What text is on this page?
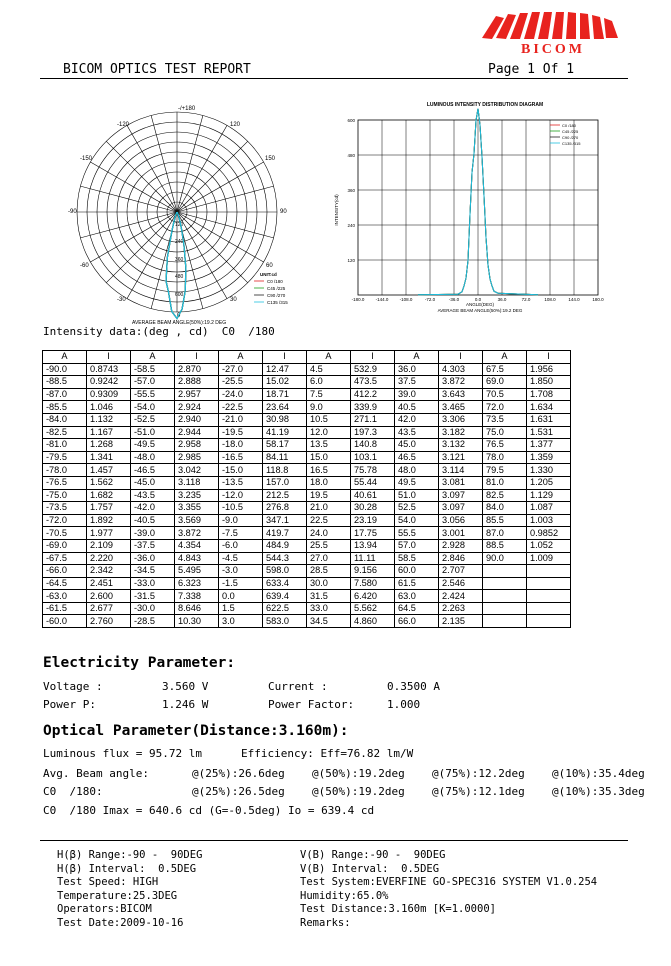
BICOM
BICOM OPTICS TEST REPORT	Page 1 Of 1
-/+180
-120	120
-150	150
-90	90
-60	60
-30	30
0
600
480
360
240
120
AVERAGE BEAM ANGLE(50%):19.2 DEG
UNIT:cd
C0 /180
C45 /225
C90 /270
C135 /315
LUMINOUS INTENSITY DISTRIBUTION DIAGRAM
INTENSITY(cd)
-180.0 -144.0 -108.0	-72.0	-36.0	0.0	36.0	72.0	108.0	144.0	180.0
600
480
360
240
120
ANGLE(DEG)
AVERAGE BEAM ANGLE(50%):19.2 DEG
C0 /180
C45 /225
C90 /270
C135 /315
Intensity data:(deg , cd)  C0  /180
A	I	A	I	A	I	A	I	A	I	A	I
-90.0	0.8743	-58.5	2.870	-27.0	12.47	4.5	532.9	36.0	4.303	67.5	1.956
-88.5	0.9242	-57.0	2.888	-25.5	15.02	6.0	473.5	37.5	3.872	69.0	1.850
-87.0	0.9309	-55.5	2.957	-24.0	18.71	7.5	412.2	39.0	3.643	70.5	1.708
-85.5	1.046	-54.0	2.924	-22.5	23.64	9.0	339.9	40.5	3.465	72.0	1.634
-84.0	1.132	-52.5	2.940	-21.0	30.98	10.5	271.1	42.0	3.306	73.5	1.631
-82.5	1.167	-51.0	2.944	-19.5	41.19	12.0	197.3	43.5	3.182	75.0	1.531
-81.0	1.268	-49.5	2.958	-18.0	58.17	13.5	140.8	45.0	3.132	76.5	1.377
-79.5	1.341	-48.0	2.985	-16.5	84.11	15.0	103.1	46.5	3.121	78.0	1.359
-78.0	1.457	-46.5	3.042	-15.0	118.8	16.5	75.78	48.0	3.114	79.5	1.330
-76.5	1.562	-45.0	3.118	-13.5	157.0	18.0	55.44	49.5	3.081	81.0	1.205
-75.0	1.682	-43.5	3.235	-12.0	212.5	19.5	40.61	51.0	3.097	82.5	1.129
-73.5	1.757	-42.0	3.355	-10.5	276.8	21.0	30.28	52.5	3.097	84.0	1.087
-72.0	1.892	-40.5	3.569	-9.0	347.1	22.5	23.19	54.0	3.056	85.5	1.003
-70.5	1.977	-39.0	3.872	-7.5	419.7	24.0	17.75	55.5	3.001	87.0	0.9852
-69.0	2.109	-37.5	4.354	-6.0	484.9	25.5	13.94	57.0	2.928	88.5	1.052
-67.5	2.220	-36.0	4.843	-4.5	544.3	27.0	11.11	58.5	2.846	90.0	1.009
-66.0	2.342	-34.5	5.495	-3.0	598.0	28.5	9.156	60.0	2.707		
-64.5	2.451	-33.0	6.323	-1.5	633.4	30.0	7.580	61.5	2.546		
-63.0	2.600	-31.5	7.338	0.0	639.4	31.5	6.420	63.0	2.424		
-61.5	2.677	-30.0	8.646	1.5	622.5	33.0	5.562	64.5	2.263		
-60.0	2.760	-28.5	10.30	3.0	583.0	34.5	4.860	66.0	2.135		
Electricity Parameter:
Voltage :	3.560 V	Current :	0.3500 A
Power P:	1.246 W	Power Factor:	1.000
Optical Parameter(Distance:3.160m):
Luminous flux = 95.72 lm	Efficiency: Eff=76.82 lm/W
Avg. Beam angle:	@(25%):26.6deg @(50%):19.2deg @(75%):12.2deg @(10%):35.4deg
C0  /180:	@(25%):26.5deg @(50%):19.2deg @(75%):12.1deg @(10%):35.3deg
C0  /180 Imax = 640.6 cd (G=-0.5deg) Io = 639.4 cd
H(β) Range:-90 -  90DEG
H(β) Interval:  0.5DEG
Test Speed: HIGH
Temperature:25.3DEG
Operators:BICOM
Test Date:2009-10-16
V(B) Range:-90 -  90DEG
V(B) Interval:  0.5DEG
Test System:EVERFINE GO-SPEC316 SYSTEM V1.0.254
Humidity:65.0%
Test Distance:3.160m [K=1.0000]
Remarks:
